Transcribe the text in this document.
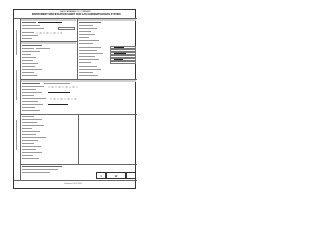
SAUDI ARABIAN OIL COMPANY
INSTRUMENT SPECIFICATION SHEET FOR GAS CHROMATOGRAPH SYSTEM
1	12
Saudi Aramco 2616.14 (3/9/94)
